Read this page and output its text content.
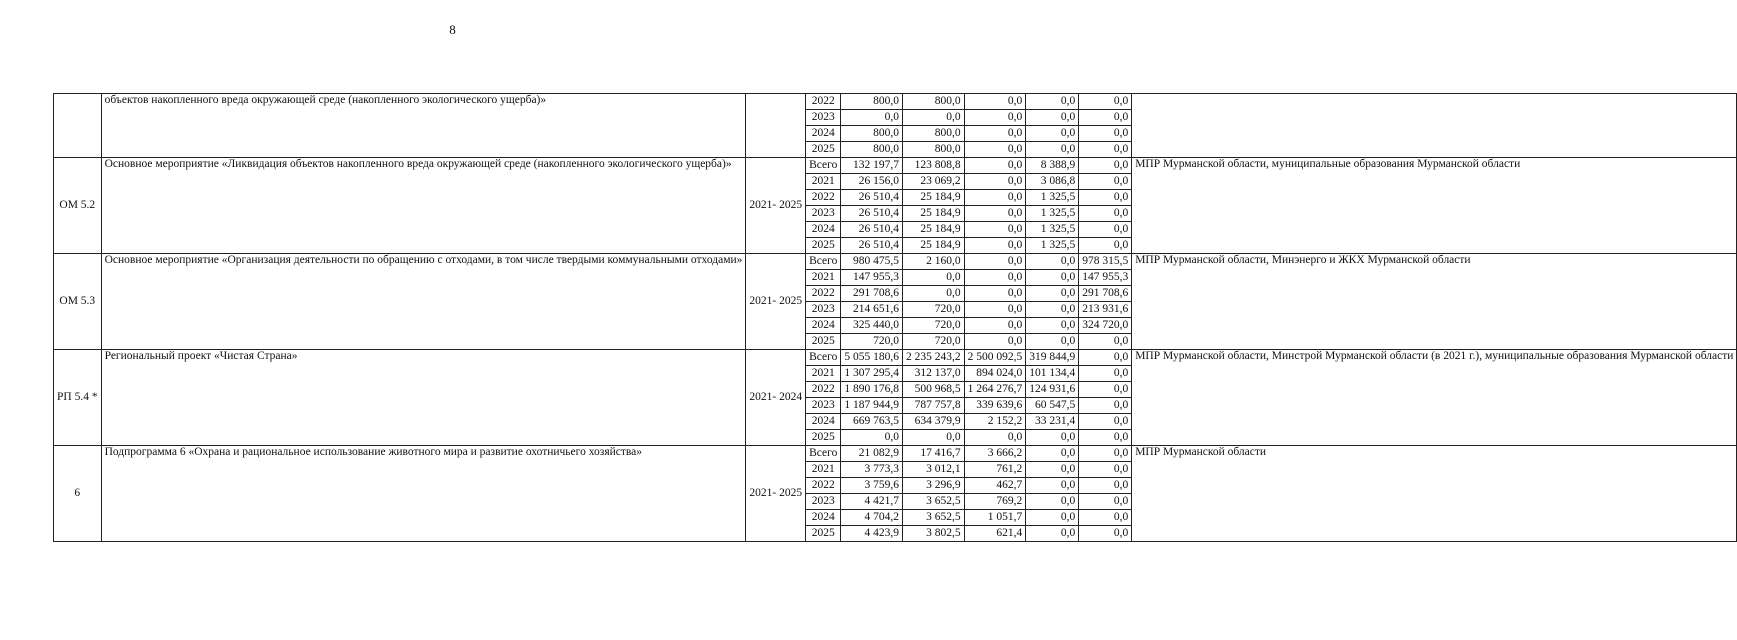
8
	объектов накопленного вреда окружающей среде (накопленного экологического ущерба)»		2022	800,0	800,0	0,0	0,0	0,0	
			2023	0,0	0,0	0,0	0,0	0,0	
			2024	800,0	800,0	0,0	0,0	0,0	
			2025	800,0	800,0	0,0	0,0	0,0	
ОМ 5.2	Основное мероприятие «Ликвидация объектов накопленного вреда окружающей среде (накопленного экологического ущерба)»	2021- 2025	Всего	132 197,7	123 808,8	0,0	8 388,9	0,0	МПР Мурманской области, муниципальные образования Мурманской области
			2021	26 156,0	23 069,2	0,0	3 086,8	0,0	
			2022	26 510,4	25 184,9	0,0	1 325,5	0,0	
			2023	26 510,4	25 184,9	0,0	1 325,5	0,0	
			2024	26 510,4	25 184,9	0,0	1 325,5	0,0	
			2025	26 510,4	25 184,9	0,0	1 325,5	0,0	
ОМ 5.3	Основное мероприятие «Организация деятельности по обращению с отходами, в том числе твердыми коммунальными отходами»	2021- 2025	Всего	980 475,5	2 160,0	0,0	0,0	978 315,5	МПР Мурманской области, Минэнерго и ЖКХ Мурманской области
			2021	147 955,3	0,0	0,0	0,0	147 955,3	
			2022	291 708,6	0,0	0,0	0,0	291 708,6	
			2023	214 651,6	720,0	0,0	0,0	213 931,6	
			2024	325 440,0	720,0	0,0	0,0	324 720,0	
			2025	720,0	720,0	0,0	0,0	0,0	
РП 5.4 *	Региональный проект «Чистая Страна»	2021- 2024	Всего	5 055 180,6	2 235 243,2	2 500 092,5	319 844,9	0,0	МПР Мурманской области, Минстрой Мурманской области (в 2021 г.), муниципальные образования Мурманской области
			2021	1 307 295,4	312 137,0	894 024,0	101 134,4	0,0	
			2022	1 890 176,8	500 968,5	1 264 276,7	124 931,6	0,0	
			2023	1 187 944,9	787 757,8	339 639,6	60 547,5	0,0	
			2024	669 763,5	634 379,9	2 152,2	33 231,4	0,0	
			2025	0,0	0,0	0,0	0,0	0,0	
6	Подпрограмма 6 «Охрана и рациональное использование животного мира и развитие охотничьего хозяйства»	2021- 2025	Всего	21 082,9	17 416,7	3 666,2	0,0	0,0	МПР Мурманской области
			2021	3 773,3	3 012,1	761,2	0,0	0,0	
			2022	3 759,6	3 296,9	462,7	0,0	0,0	
			2023	4 421,7	3 652,5	769,2	0,0	0,0	
			2024	4 704,2	3 652,5	1 051,7	0,0	0,0	
			2025	4 423,9	3 802,5	621,4	0,0	0,0	
